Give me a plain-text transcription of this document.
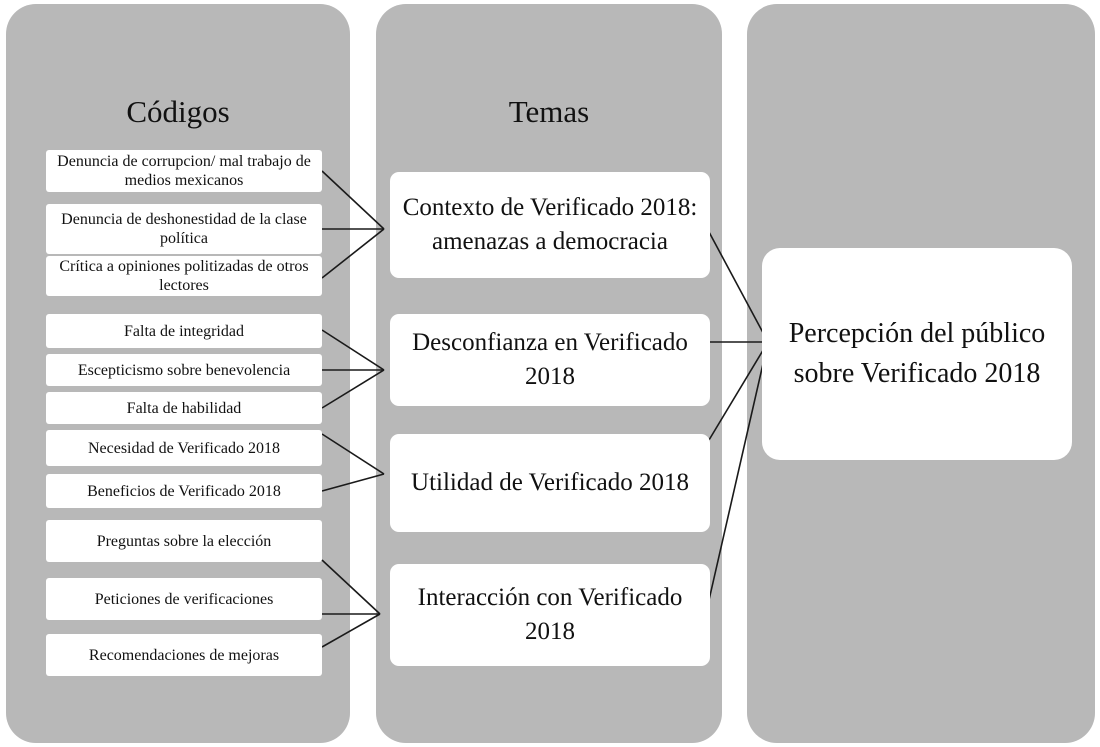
Códigos	Temas
Denuncia de corrupcion/ mal trabajo de medios mexicanos
Denuncia de deshonestidad de la clase política
Crítica a opiniones politizadas de otros lectores
Falta de integridad
Escepticismo sobre benevolencia
Falta de habilidad
Necesidad de Verificado 2018
Beneficios de Verificado 2018
Preguntas sobre la elección
Peticiones de verificaciones
Recomendaciones de mejoras
Contexto de Verificado 2018: amenazas a democracia
Desconfianza en Verificado 2018
Utilidad de Verificado 2018
Interacción con Verificado 2018
Percepción del público sobre Verificado 2018
